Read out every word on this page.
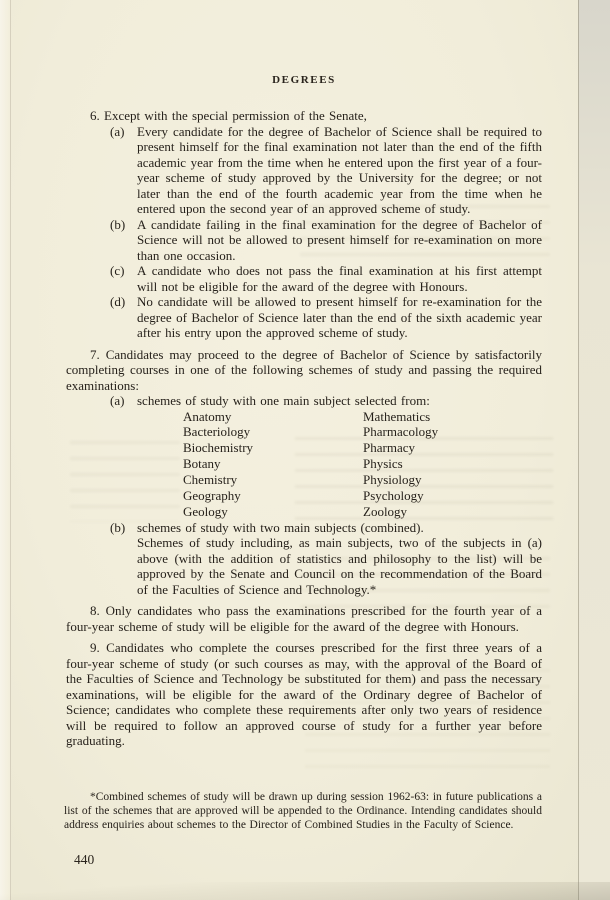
DEGREES

6. Except with the special permission of the Senate,

(a) Every candidate for the degree of Bachelor of Science shall be required to present himself for the final examination not later than the end of the fifth academic year from the time when he entered upon the first year of a four-year scheme of study approved by the University for the degree; or not later than the end of the fourth academic year from the time when he entered upon the second year of an approved scheme of study.
(b) A candidate failing in the final examination for the degree of Bachelor of Science will not be allowed to present himself for re-examination on more than one occasion.
(c) A candidate who does not pass the final examination at his first attempt will not be eligible for the award of the degree with Honours.
(d) No candidate will be allowed to present himself for re-examination for the degree of Bachelor of Science later than the end of the sixth academic year after his entry upon the approved scheme of study.

7. Candidates may proceed to the degree of Bachelor of Science by satisfactorily completing courses in one of the following schemes of study and passing the required examinations:

(a) schemes of study with one main subject selected from:
Anatomy
Bacteriology
Biochemistry
Botany
Chemistry
Geography
Geology
Mathematics
Pharmacology
Pharmacy
Physics
Physiology
Psychology
Zoology
(b) schemes of study with two main subjects (combined).
Schemes of study including, as main subjects, two of the subjects in (a) above (with the addition of statistics and philosophy to the list) will be approved by the Senate and Council on the recommendation of the Board of the Faculties of Science and Technology.*

8. Only candidates who pass the examinations prescribed for the fourth year of a four-year scheme of study will be eligible for the award of the degree with Honours.

9. Candidates who complete the courses prescribed for the first three years of a four-year scheme of study (or such courses as may, with the approval of the Board of the Faculties of Science and Technology be substituted for them) and pass the necessary examinations, will be eligible for the award of the Ordinary degree of Bachelor of Science; candidates who complete these requirements after only two years of residence will be required to follow an approved course of study for a further year before graduating.

*Combined schemes of study will be drawn up during session 1962-63: in future publications a list of the schemes that are approved will be appended to the Ordinance. Intending candidates should address enquiries about schemes to the Director of Combined Studies in the Faculty of Science.
440
